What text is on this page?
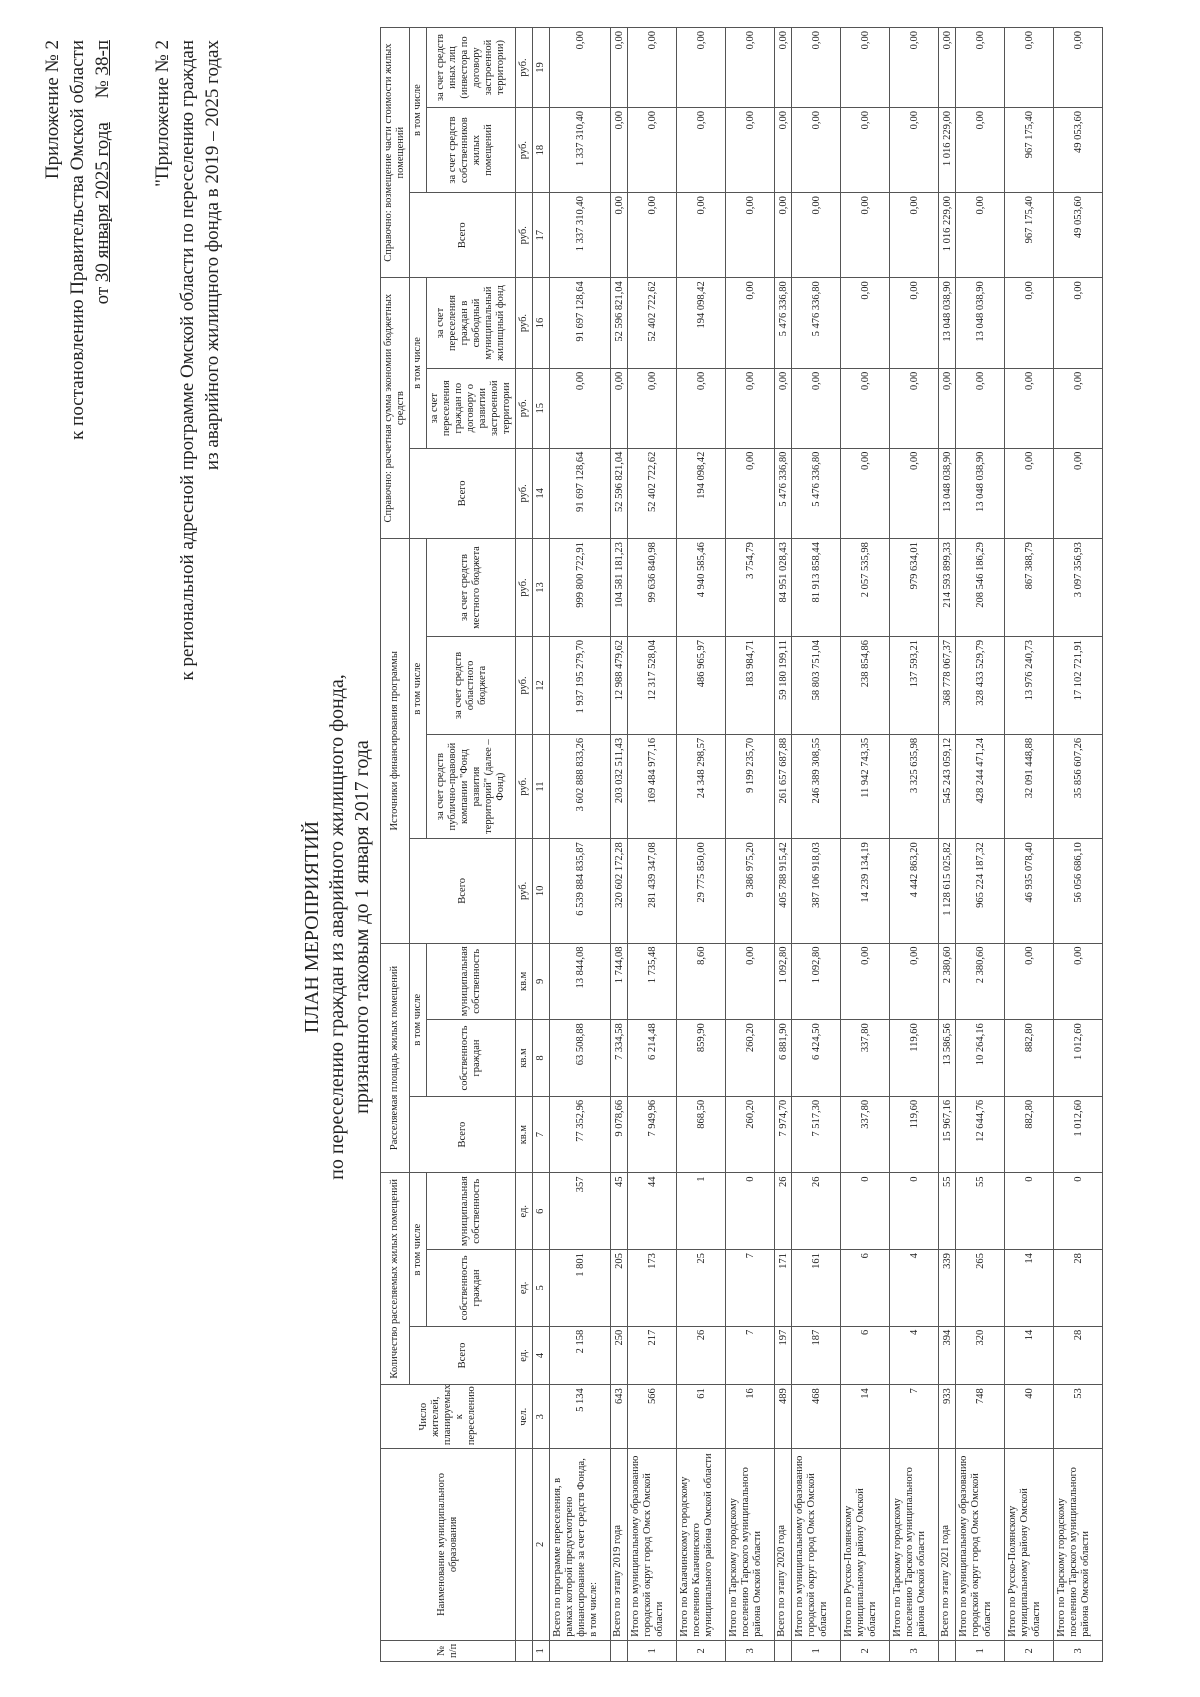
Приложение № 2 к постановлению Правительства Омской области от 30 января 2025 года     № 38-п "Приложение № 2 к региональной адресной программе Омской области по переселению граждан из аварийного жилищного фонда в 2019 – 2025 годах
ПЛАН МЕРОПРИЯТИЙ по переселению граждан из аварийного жилищного фонда, признанного таковым до 1 января 2017 года
№ п/п	Наименование муниципального образования	Число жителей, планируемых к переселению	Количество расселяемых жилых помещений			Расселяемая площадь жилых помещений			Источники финансирования программы				Справочно: расчетная сумма экономии бюджетных средств			Справочно: возмещение части стоимости жилых помещений		
			Всего	в том числе		Всего	в том числе		Всего	в том числе			Всего	в том числе		Всего	в том числе	
				собственность граждан	муниципальная собственность		собственность граждан	муниципальная собственность		за счет средств публично-правовой компании "Фонд развития территорий" (далее – Фонд)	за счет средств областного бюджета	за счет средств местного бюджета		за счет переселения граждан по договору о развитии застроенной территории	за счет переселения граждан в свободный муниципальный жилищный фонд		за счет средств собственников жилых помещений	за счет средств иных лиц (инвестора по договору застроенной территории)
		чел.	ед.	ед.	ед.	кв.м	кв.м	кв.м	руб.	руб.	руб.	руб.	руб.	руб.	руб.	руб.	руб.	руб.
1	2	3	4	5	6	7	8	9	10	11	12	13	14	15	16	17	18	19
	Всего по программе переселения, в рамках которой предусмотрено финансирование за счет средств Фонда, в том числе:	5 134	2 158	1 801	357	77 352,96	63 508,88	13 844,08	6 539 884 835,87	3 602 888 833,26	1 937 195 279,70	999 800 722,91	91 697 128,64	0,00	91 697 128,64	1 337 310,40	1 337 310,40	0,00
	Всего по этапу 2019 года	643	250	205	45	9 078,66	7 334,58	1 744,08	320 602 172,28	203 032 511,43	12 988 479,62	104 581 181,23	52 596 821,04	0,00	52 596 821,04	0,00	0,00	0,00
1	Итого по муниципальному образованию городской округ город Омск Омской области	566	217	173	44	7 949,96	6 214,48	1 735,48	281 439 347,08	169 484 977,16	12 317 528,04	99 636 840,98	52 402 722,62	0,00	52 402 722,62	0,00	0,00	0,00
2	Итого по Калачинскому городскому поселению Калачинского муниципального района Омской области	61	26	25	1	868,50	859,90	8,60	29 775 850,00	24 348 298,57	486 965,97	4 940 585,46	194 098,42	0,00	194 098,42	0,00	0,00	0,00
3	Итого по Тарскому городскому поселению Тарского муниципального района Омской области	16	7	7	0	260,20	260,20	0,00	9 386 975,20	9 199 235,70	183 984,71	3 754,79	0,00	0,00	0,00	0,00	0,00	0,00
	Всего по этапу 2020 года	489	197	171	26	7 974,70	6 881,90	1 092,80	405 788 915,42	261 657 687,88	59 180 199,11	84 951 028,43	5 476 336,80	0,00	5 476 336,80	0,00	0,00	0,00
1	Итого по муниципальному образованию городской округ город Омск Омской области	468	187	161	26	7 517,30	6 424,50	1 092,80	387 106 918,03	246 389 308,55	58 803 751,04	81 913 858,44	5 476 336,80	0,00	5 476 336,80	0,00	0,00	0,00
2	Итого по Русско-Полянскому муниципальному району Омской области	14	6	6	0	337,80	337,80	0,00	14 239 134,19	11 942 743,35	238 854,86	2 057 535,98	0,00	0,00	0,00	0,00	0,00	0,00
3	Итого по Тарскому городскому поселению Тарского муниципального района Омской области	7	4	4	0	119,60	119,60	0,00	4 442 863,20	3 325 635,98	137 593,21	979 634,01	0,00	0,00	0,00	0,00	0,00	0,00
	Всего по этапу 2021 года	933	394	339	55	15 967,16	13 586,56	2 380,60	1 128 615 025,82	545 243 059,12	368 778 067,37	214 593 899,33	13 048 038,90	0,00	13 048 038,90	1 016 229,00	1 016 229,00	0,00
1	Итого по муниципальному образованию городской округ город Омск Омской области	748	320	265	55	12 644,76	10 264,16	2 380,60	965 224 187,32	428 244 471,24	328 433 529,79	208 546 186,29	13 048 038,90	0,00	13 048 038,90	0,00	0,00	0,00
2	Итого по Русско-Полянскому муниципальному району Омской области	40	14	14	0	882,80	882,80	0,00	46 935 078,40	32 091 448,88	13 976 240,73	867 388,79	0,00	0,00	0,00	967 175,40	967 175,40	0,00
3	Итого по Тарскому городскому поселению Тарского муниципального района Омской области	53	28	28	0	1 012,60	1 012,60	0,00	56 056 686,10	35 856 607,26	17 102 721,91	3 097 356,93	0,00	0,00	0,00	49 053,60	49 053,60	0,00
